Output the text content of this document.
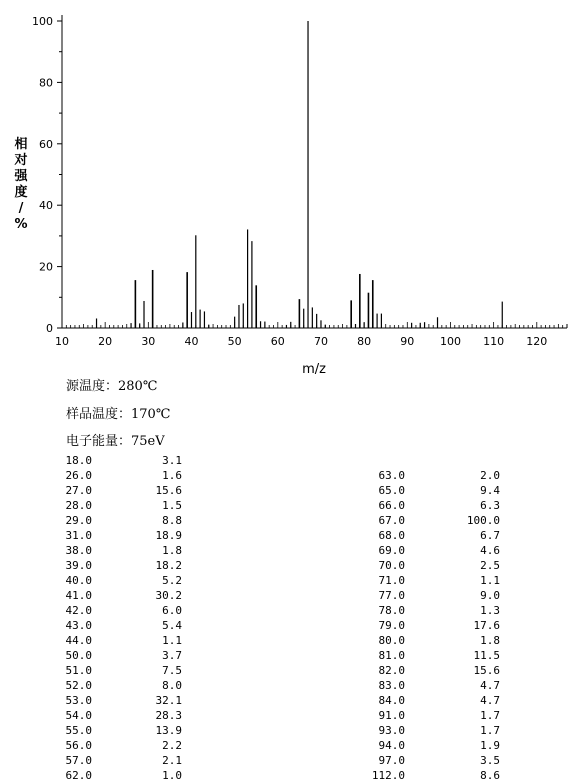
0
20
40
60
80
100
10	20	30	40	50	60	70	80	90 100 110 120
m/z
相
对
强
度
/
%
源温度：280℃
样品温度：170℃
电子能量：75eV
18.0	3.1
26.0	1.6
27.0	15.6
28.0	1.5
29.0	8.8
31.0	18.9
38.0	1.8
39.0	18.2
40.0	5.2
41.0	30.2
42.0	6.0
43.0	5.4
44.0	1.1
50.0	3.7
51.0	7.5
52.0	8.0
53.0	32.1
54.0	28.3
55.0	13.9
56.0	2.2
57.0	2.1
62.0	1.0
63.0	2.0
65.0	9.4
66.0	6.3
67.0	100.0
68.0	6.7
69.0	4.6
70.0	2.5
71.0	1.1
77.0	9.0
78.0	1.3
79.0	17.6
80.0	1.8
81.0	11.5
82.0	15.6
83.0	4.7
84.0	4.7
91.0	1.7
93.0	1.7
94.0	1.9
97.0	3.5
112.0	8.6
